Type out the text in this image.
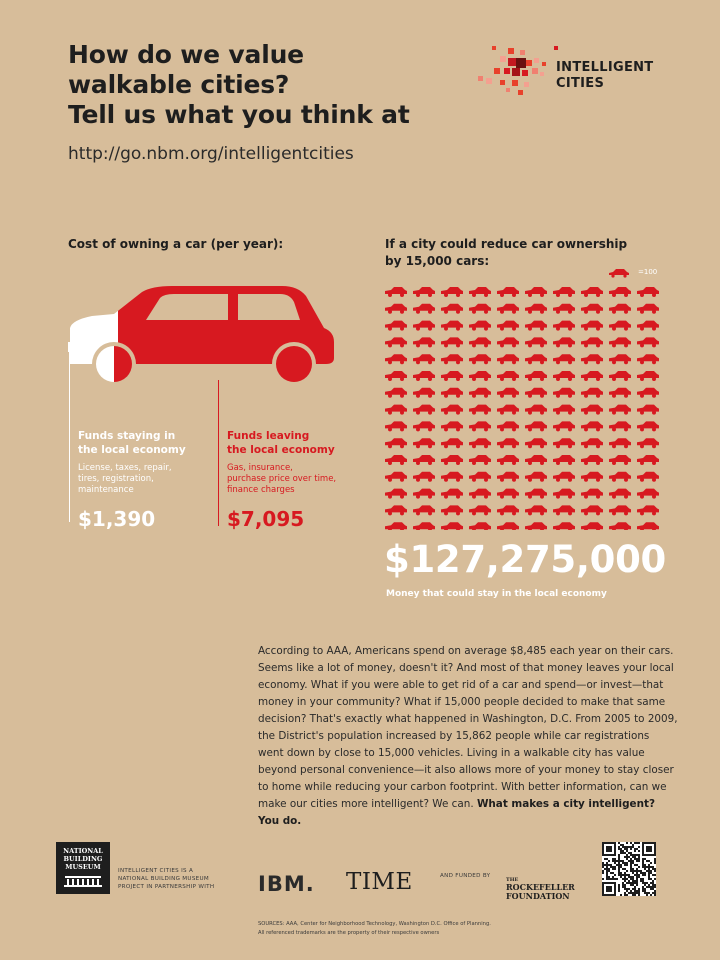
How do we value
walkable cities?
Tell us what you think at
http://go.nbm.org/intelligentcities
INTELLIGENT
CITIES
Cost of owning a car (per year):
Funds staying in
the local economy
License, taxes, repair,
tires, registration,
maintenance
$1,390
Funds leaving
the local economy
Gas, insurance,
purchase price over time,
finance charges
$7,095
If a city could reduce car ownership
by 15,000 cars:
=100
$127,275,000
Money that could stay in the local economy
According to AAA, Americans spend on average $8,485 each year on their cars. Seems like a lot of money, doesn't it? And most of that money leaves your local economy. What if you were able to get rid of a car and spend—or invest—that money in your community? What if 15,000 people decided to make that same decision? That's exactly what happened in Washington, D.C. From 2005 to 2009, the District's population increased by 15,862 people while car registrations went down by close to 15,000 vehicles. Living in a walkable city has value beyond personal convenience—it also allows more of your money to stay closer to home while reducing your carbon footprint. With better information, can we make our cities more intelligent? We can. What makes a city intelligent? You do.
NATIONAL
BUILDING
MUSEUM	INTELLIGENT CITIES IS A
NATIONAL BUILDING MUSEUM
PROJECT IN PARTNERSHIP WITH	IBM. TIME	AND FUNDED BY
THE
ROCKEFELLER
FOUNDATION
SOURCES: AAA, Center for Neighborhood Technology, Washington D.C. Office of Planning.
All referenced trademarks are the property of their respective owners
